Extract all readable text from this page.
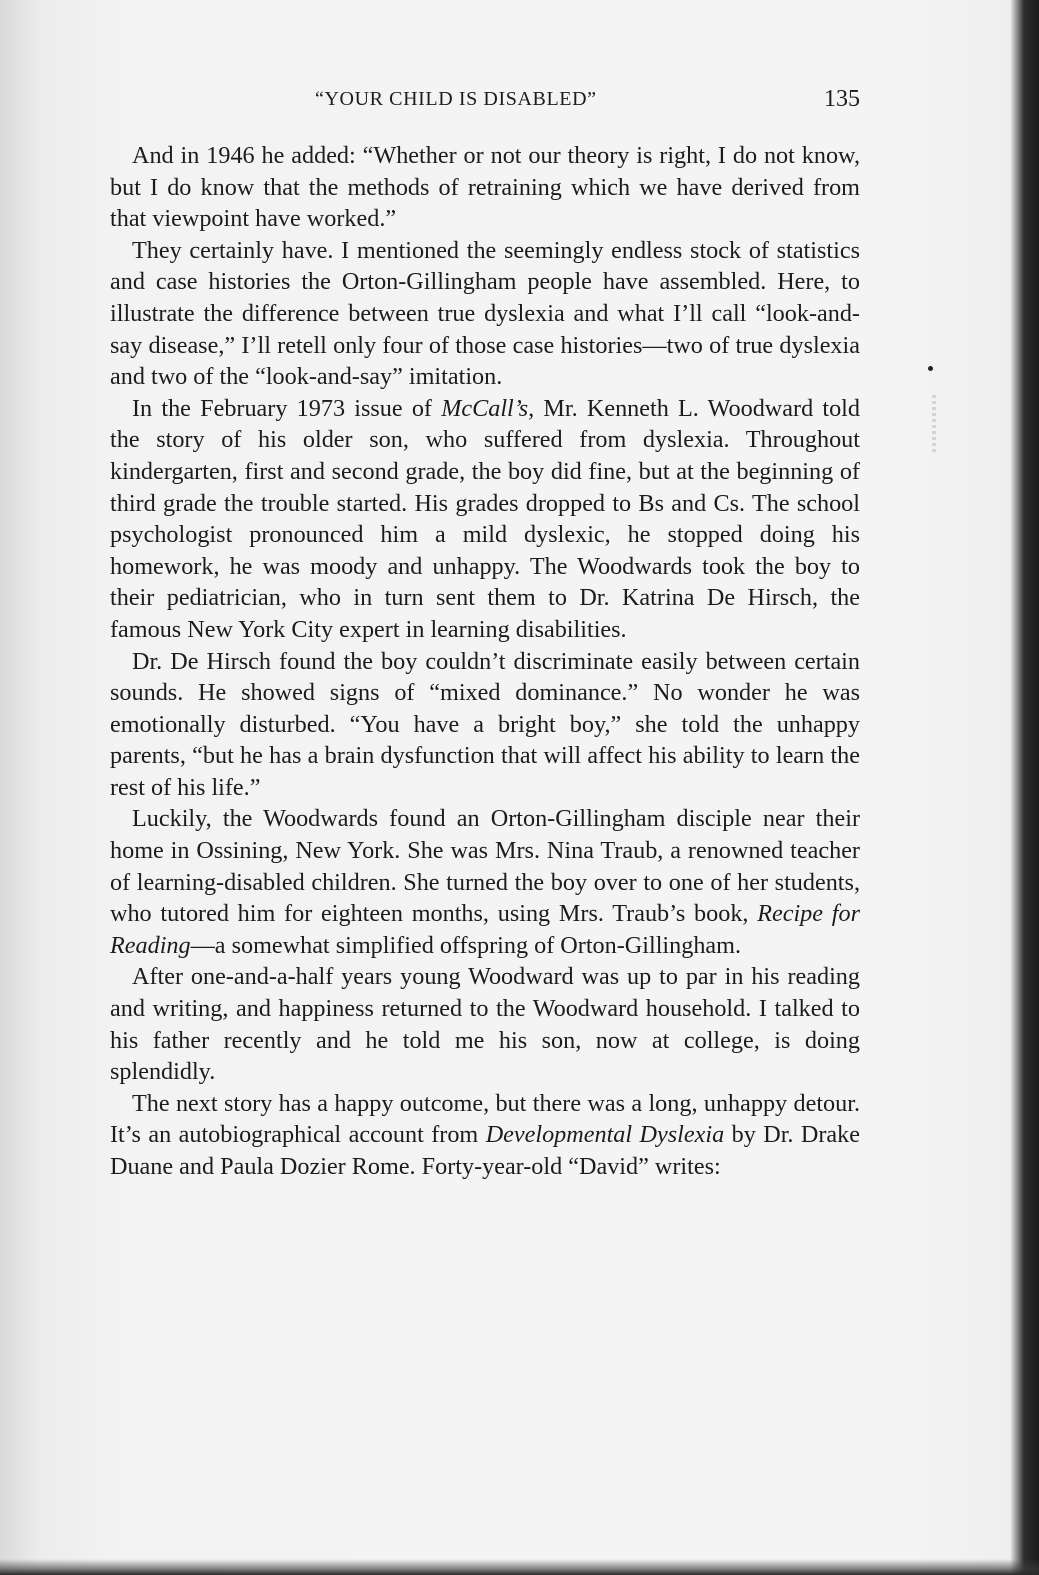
“YOUR CHILD IS DISABLED”	135

And in 1946 he added: “Whether or not our theory is right, I do not know, but I do know that the methods of retraining which we have derived from that viewpoint have worked.”

They certainly have. I mentioned the seemingly endless stock of statistics and case histories the Orton-Gillingham people have assembled. Here, to illustrate the difference between true dyslexia and what I’ll call “look-and-say disease,” I’ll retell only four of those case histories—two of true dyslexia and two of the “look-and-say” imitation.

In the February 1973 issue of McCall’s, Mr. Kenneth L. Woodward told the story of his older son, who suffered from dyslexia. Throughout kindergarten, first and second grade, the boy did fine, but at the beginning of third grade the trouble started. His grades dropped to Bs and Cs. The school psychologist pronounced him a mild dyslexic, he stopped doing his homework, he was moody and unhappy. The Woodwards took the boy to their pediatrician, who in turn sent them to Dr. Katrina De Hirsch, the famous New York City expert in learning disabilities.

Dr. De Hirsch found the boy couldn’t discriminate easily between certain sounds. He showed signs of “mixed dominance.” No wonder he was emotionally disturbed. “You have a bright boy,” she told the unhappy parents, “but he has a brain dysfunction that will affect his ability to learn the rest of his life.”

Luckily, the Woodwards found an Orton-Gillingham disciple near their home in Ossining, New York. She was Mrs. Nina Traub, a renowned teacher of learning-disabled children. She turned the boy over to one of her students, who tutored him for eighteen months, using Mrs. Traub’s book, Recipe for Reading—a somewhat simplified offspring of Orton-Gillingham.

After one-and-a-half years young Woodward was up to par in his reading and writing, and happiness returned to the Woodward household. I talked to his father recently and he told me his son, now at college, is doing splendidly.

The next story has a happy outcome, but there was a long, unhappy detour. It’s an autobiographical account from Developmental Dyslexia by Dr. Drake Duane and Paula Dozier Rome. Forty-year-old “David” writes:
